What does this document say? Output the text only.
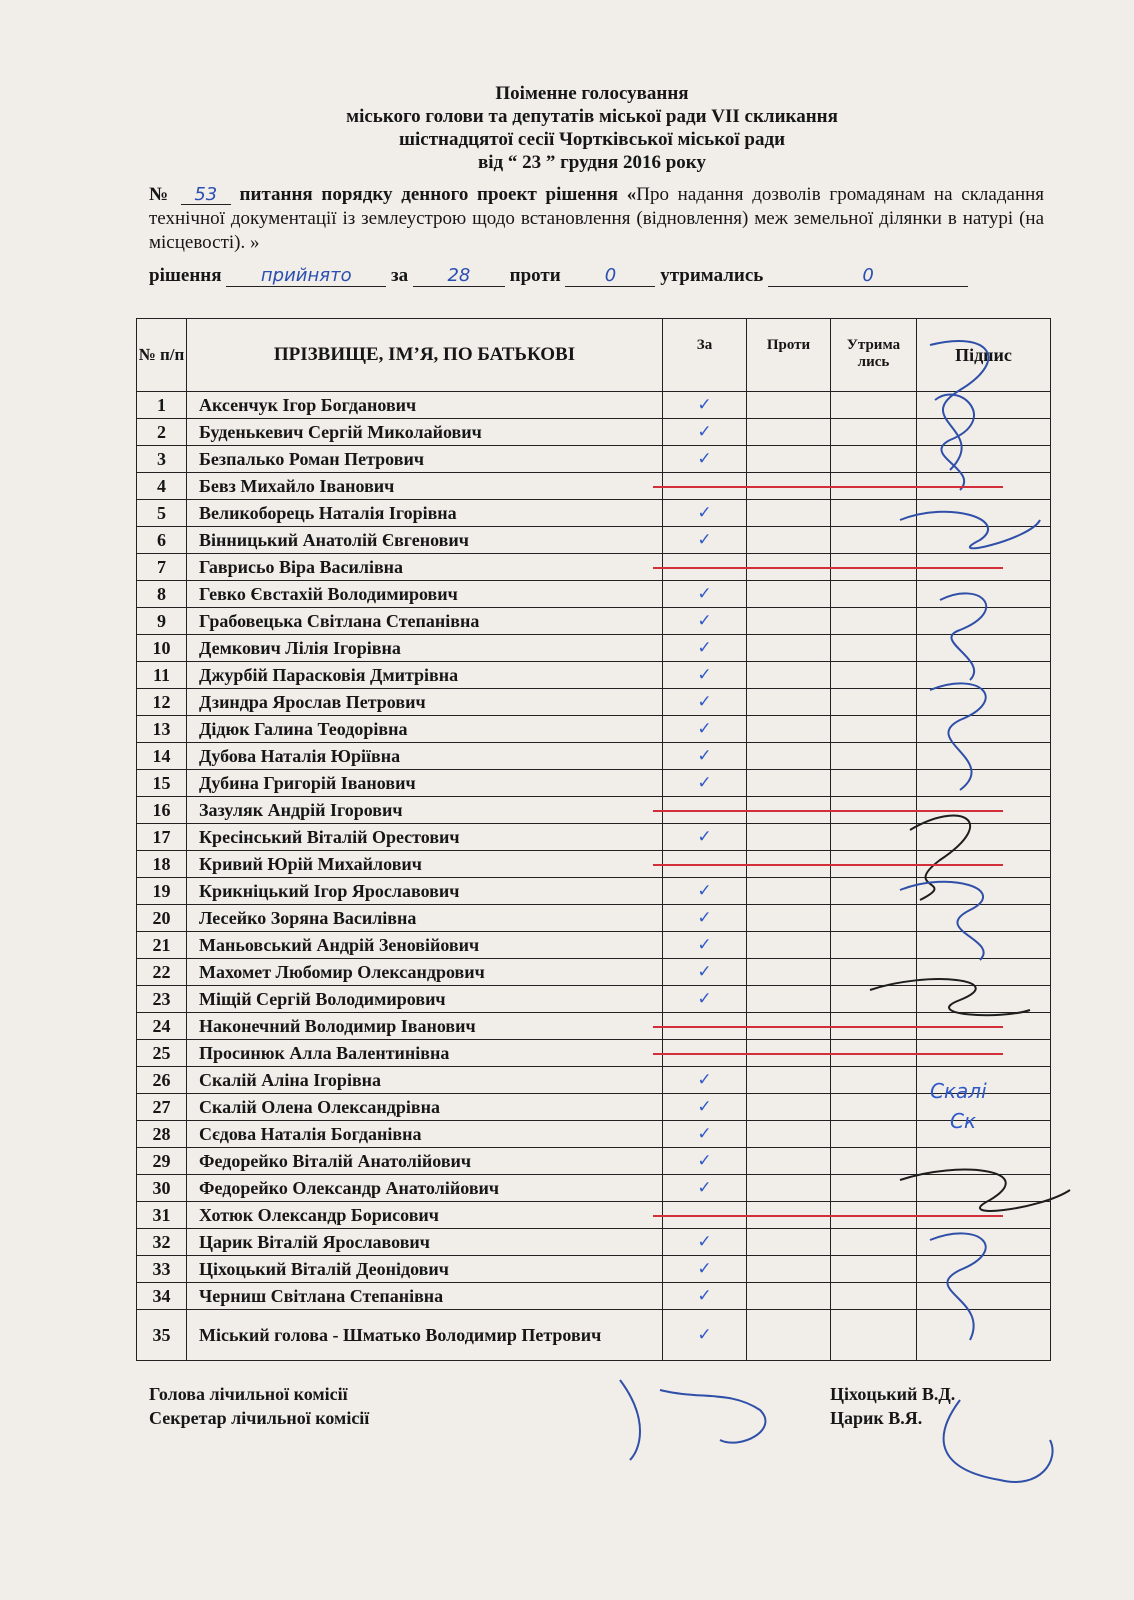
Поіменне голосування
міського голови та депутатів міської ради VІІ скликання
шістнадцятої сесії Чортківської міської ради
від “ 23 ” грудня 2016 року
№ 53 питання порядку денного проект рішення «Про надання дозволів громадянам на складання технічної документації із землеустрою щодо встановлення (відновлення) меж земельної ділянки в натурі (на місцевості). »
рішення прийнято за 28 проти 0 утримались	0
№ п/п	ПРІЗВИЩЕ, ІМ’Я, ПО БАТЬКОВІ	За	Проти	Утрима лись	Підпис
1	Аксенчук Ігор Богданович	✓			
2	Буденькевич Сергій Миколайович	✓			
3	Безпалько Роман Петрович	✓			
4	Бевз Михайло Іванович				
5	Великоборець Наталія Ігорівна	✓			
6	Вінницький Анатолій Євгенович	✓			
7	Гаврисьо Віра Василівна				
8	Гевко Євстахій Володимирович	✓			
9	Грабовецька Світлана Степанівна	✓			
10	Демкович Лілія Ігорівна	✓			
11	Джурбій Парасковія Дмитрівна	✓			
12	Дзиндра Ярослав Петрович	✓			
13	Дідюк Галина Теодорівна	✓			
14	Дубова Наталія Юріївна	✓			
15	Дубина Григорій Іванович	✓			
16	Зазуляк Андрій Ігорович				
17	Кресінський Віталій Орестович	✓			
18	Кривий Юрій Михайлович				
19	Крикніцький Ігор Ярославович	✓			
20	Лесейко Зоряна Василівна	✓			
21	Маньовський Андрій Зеновійович	✓			
22	Махомет Любомир Олександрович	✓			
23	Міщій Сергій Володимирович	✓			
24	Наконечний Володимир Іванович				
25	Просинюк Алла Валентинівна				
26	Скалій Аліна Ігорівна	✓			
27	Скалій Олена Олександрівна	✓			
28	Сєдова Наталія Богданівна	✓			
29	Федорейко Віталій Анатолійович	✓			
30	Федорейко Олександр Анатолійович	✓			
31	Хотюк Олександр Борисович				
32	Царик Віталій Ярославович	✓			
33	Ціхоцький Віталій Деонідович	✓			
34	Черниш Світлана Степанівна	✓			
35	Міський голова - Шматько Володимир Петрович	✓			
Скалі
Ск
Голова лічильної комісії
Секретар лічильної комісії
Ціхоцький В.Д.
Царик В.Я.
